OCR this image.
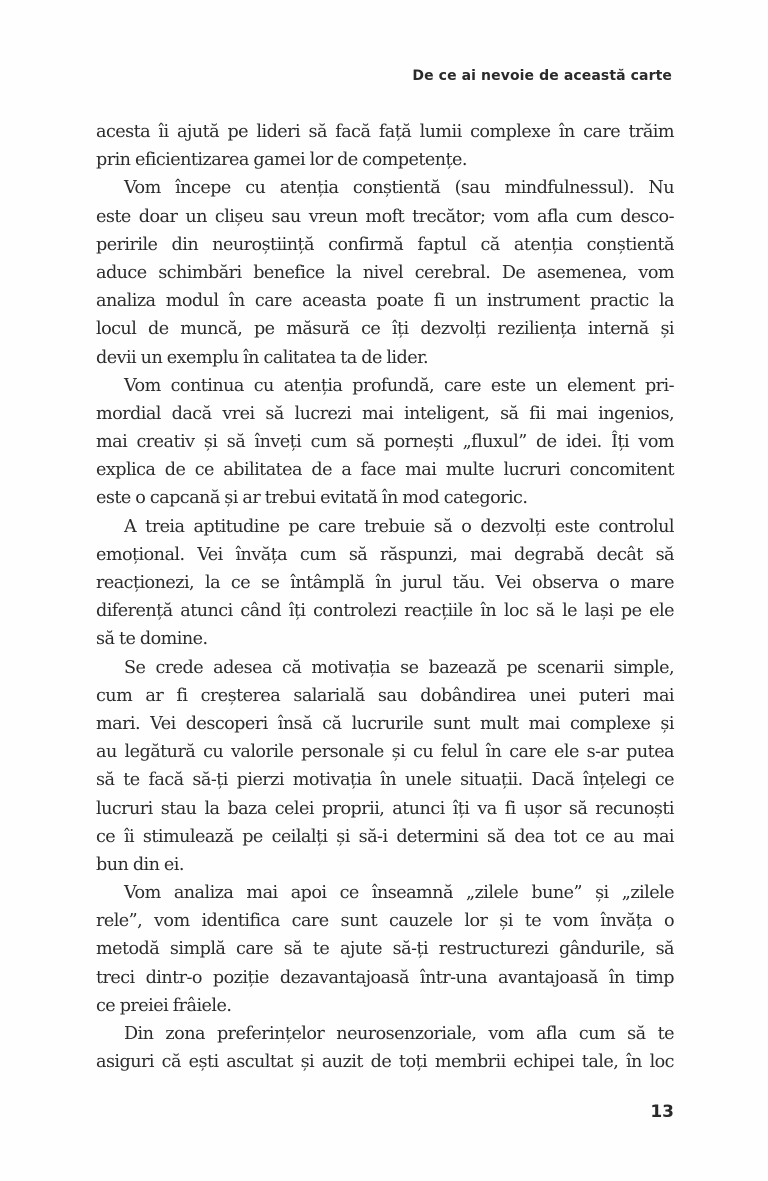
De ce ai nevoie de această carte
acesta îi ajută pe lideri să facă față lumii complexe în care trăim
prin eficientizarea gamei lor de competențe.
Vom începe cu atenția conștientă (sau mindfulnessul). Nu
este doar un clișeu sau vreun moft trecător; vom afla cum desco-
peririle din neuroștiință confirmă faptul că atenția conștientă
aduce schimbări benefice la nivel cerebral. De asemenea, vom
analiza modul în care aceasta poate fi un instrument practic la
locul de muncă, pe măsură ce îți dezvolți reziliența internă și
devii un exemplu în calitatea ta de lider.
Vom continua cu atenția profundă, care este un element pri-
mordial dacă vrei să lucrezi mai inteligent, să fii mai ingenios,
mai creativ și să înveți cum să pornești „fluxul” de idei. Îți vom
explica de ce abilitatea de a face mai multe lucruri concomitent
este o capcană și ar trebui evitată în mod categoric.
A treia aptitudine pe care trebuie să o dezvolți este controlul
emoțional. Vei învăța cum să răspunzi, mai degrabă decât să
reacționezi, la ce se întâmplă în jurul tău. Vei observa o mare
diferență atunci când îți controlezi reacțiile în loc să le lași pe ele
să te domine.
Se crede adesea că motivația se bazează pe scenarii simple,
cum ar fi creșterea salarială sau dobândirea unei puteri mai
mari. Vei descoperi însă că lucrurile sunt mult mai complexe și
au legătură cu valorile personale și cu felul în care ele s-ar putea
să te facă să-ți pierzi motivația în unele situații. Dacă înțelegi ce
lucruri stau la baza celei proprii, atunci îți va fi ușor să recunoști
ce îi stimulează pe ceilalți și să-i determini să dea tot ce au mai
bun din ei.
Vom analiza mai apoi ce înseamnă „zilele bune” și „zilele
rele”, vom identifica care sunt cauzele lor și te vom învăța o
metodă simplă care să te ajute să-ți restructurezi gândurile, să
treci dintr-o poziție dezavantajoasă într-una avantajoasă în timp
ce preiei frâiele.
Din zona preferințelor neurosenzoriale, vom afla cum să te
asiguri că ești ascultat și auzit de toți membrii echipei tale, în loc
13
